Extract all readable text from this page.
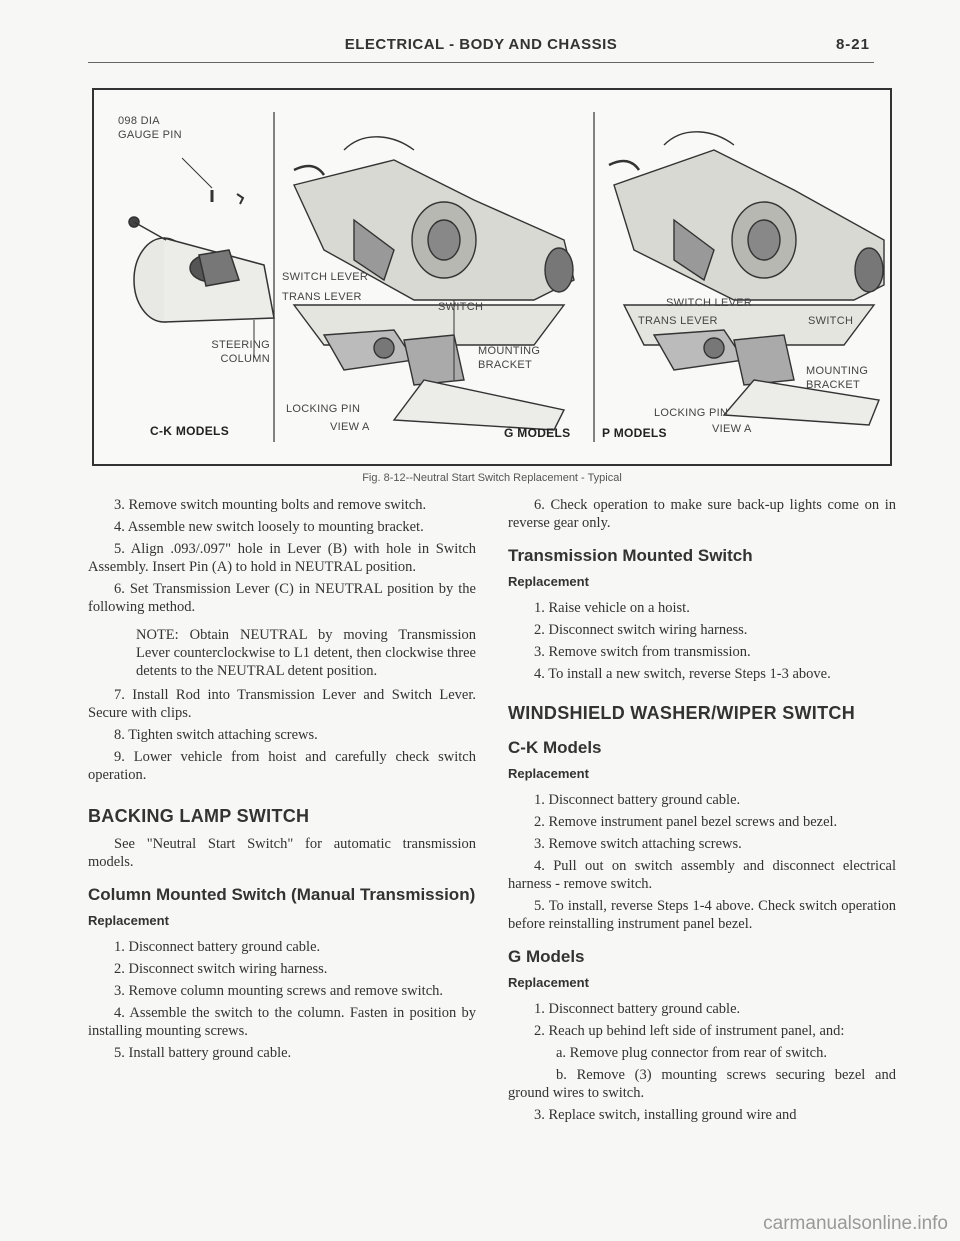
ELECTRICAL - BODY AND CHASSIS	8-21
098 DIA GAUGE PIN
STEERING COLUMN
C-K MODELS
SWITCH LEVER
TRANS LEVER
SWITCH
MOUNTING BRACKET
LOCKING PIN
VIEW A	G MODELS
SWITCH LEVER
TRANS LEVER	SWITCH
MOUNTING BRACKET
LOCKING PIN
VIEW A
P MODELS
Fig. 8-12--Neutral Start Switch Replacement - Typical

3. Remove switch mounting bolts and remove switch.

4. Assemble new switch loosely to mounting bracket.

5. Align .093/.097" hole in Lever (B) with hole in Switch Assembly. Insert Pin (A) to hold in NEUTRAL position.

6. Set Transmission Lever (C) in NEUTRAL position by the following method.

NOTE: Obtain NEUTRAL by moving Transmission Lever counterclockwise to L1 detent, then clockwise three detents to the NEUTRAL detent position.

7. Install Rod into Transmission Lever and Switch Lever. Secure with clips.

8. Tighten switch attaching screws.

9. Lower vehicle from hoist and carefully check switch operation.

BACKING LAMP SWITCH

See "Neutral Start Switch" for automatic transmission models.

Column Mounted Switch (Manual Transmission)
Replacement

1. Disconnect battery ground cable.

2. Disconnect switch wiring harness.

3. Remove column mounting screws and remove switch.

4. Assemble the switch to the column. Fasten in position by installing mounting screws.

5. Install battery ground cable.

6. Check operation to make sure back-up lights come on in reverse gear only.

Transmission Mounted Switch
Replacement

1. Raise vehicle on a hoist.

2. Disconnect switch wiring harness.

3. Remove switch from transmission.

4. To install a new switch, reverse Steps 1-3 above.

WINDSHIELD WASHER/WIPER SWITCH
C-K Models
Replacement

1. Disconnect battery ground cable.

2. Remove instrument panel bezel screws and bezel.

3. Remove switch attaching screws.

4. Pull out on switch assembly and disconnect electrical harness - remove switch.

5. To install, reverse Steps 1-4 above. Check switch operation before reinstalling instrument panel bezel.

G Models
Replacement

1. Disconnect battery ground cable.

2. Reach up behind left side of instrument panel, and:

a. Remove plug connector from rear of switch.

b. Remove (3) mounting screws securing bezel and ground wires to switch.

3. Replace switch, installing ground wire and

carmanualsonline.info
